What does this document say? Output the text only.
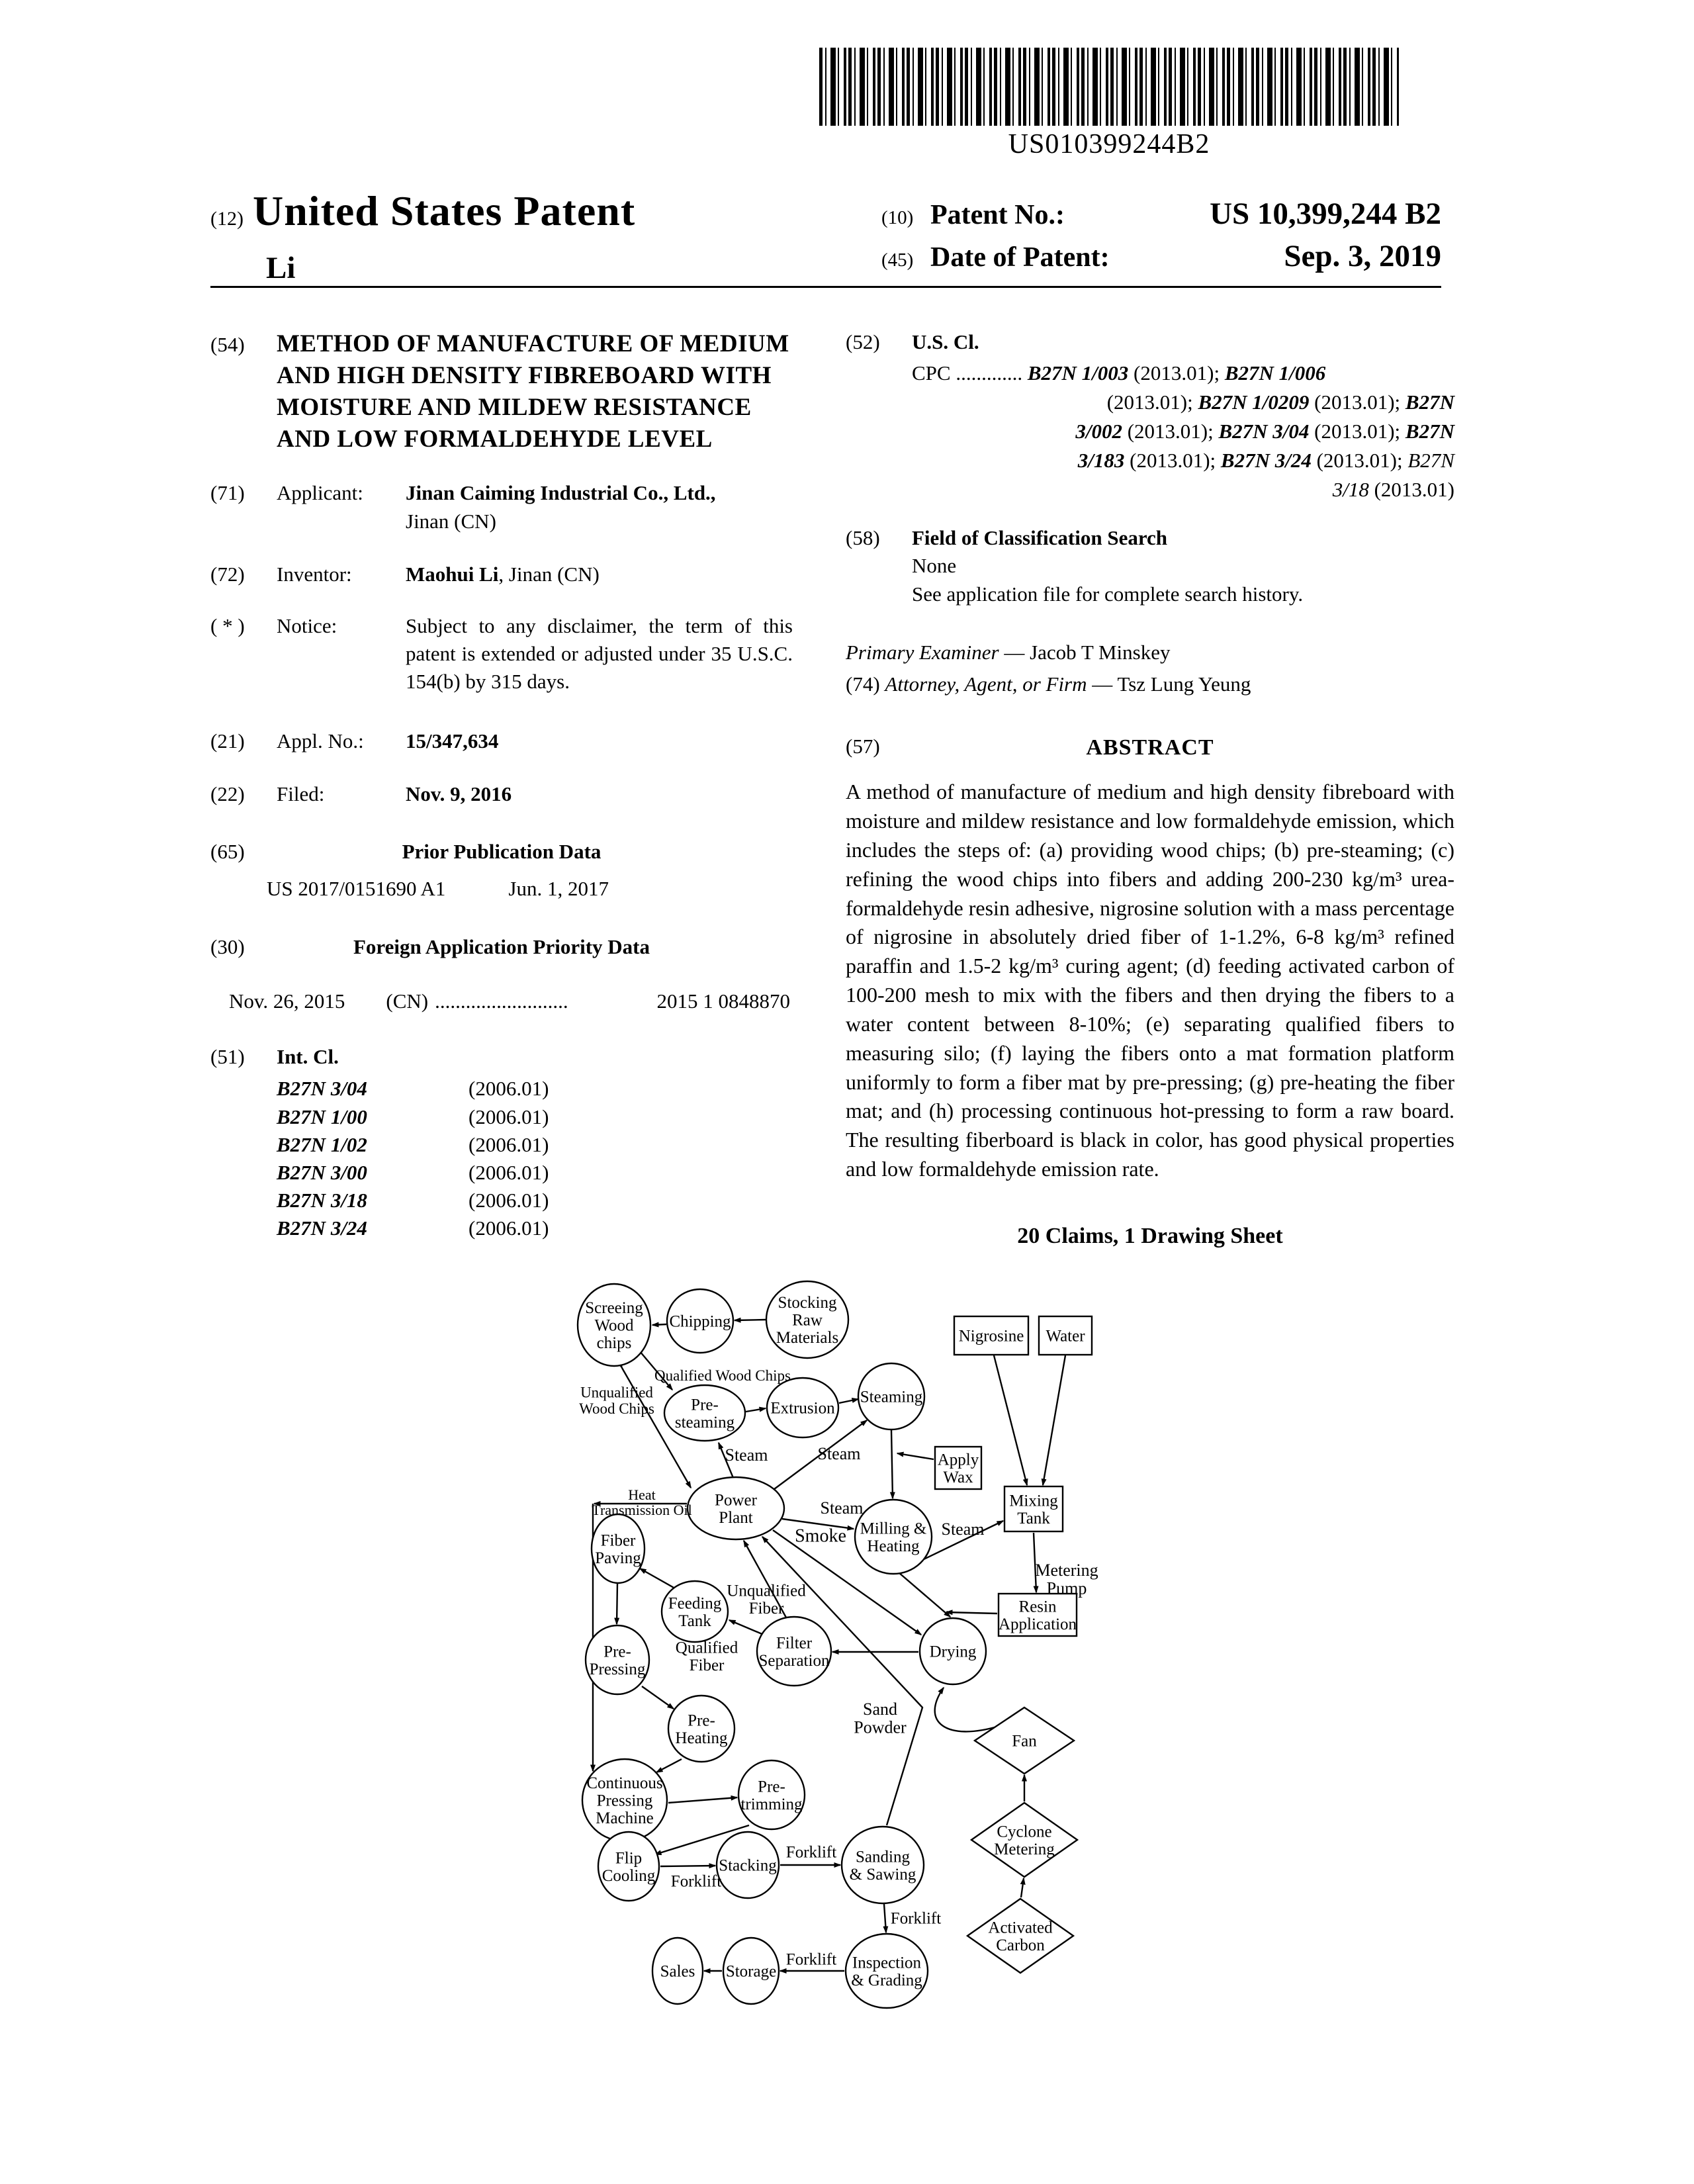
US010399244B2
(12) United States Patent
Li
(10) Patent No.:	US 10,399,244 B2
(45) Date of Patent:	Sep. 3, 2019
(54)	METHOD OF MANUFACTURE OF MEDIUM
AND HIGH DENSITY FIBREBOARD WITH
MOISTURE AND MILDEW RESISTANCE
AND LOW FORMALDEHYDE LEVEL
(71)	Applicant:	Jinan Caiming Industrial Co., Ltd.,
Jinan (CN)
(72)	Inventor:	Maohui Li, Jinan (CN)
( * )	Notice:	Subject to any disclaimer, the term of this patent is extended or adjusted under 35 U.S.C. 154(b) by 315 days.
(21)	Appl. No.:	15/347,634
(22)	Filed:	Nov. 9, 2016
(65)	Prior Publication Data
US 2017/0151690 A1	Jun. 1, 2017
(30)	Foreign Application Priority Data
Nov. 26, 2015 (CN) ..........................	2015 1 0848870
(51)	Int. Cl.
B27N 3/04	(2006.01)
B27N 1/00	(2006.01)
B27N 1/02	(2006.01)
B27N 3/00	(2006.01)
B27N 3/18	(2006.01)
B27N 3/24	(2006.01)
(52)	U.S. Cl.
CPC ............. B27N 1/003 (2013.01); B27N 1/006
(2013.01); B27N 1/0209 (2013.01); B27N
3/002 (2013.01); B27N 3/04 (2013.01); B27N
3/183 (2013.01); B27N 3/24 (2013.01); B27N
3/18 (2013.01)
(58)	Field of Classification Search
None
See application file for complete search history.
Primary Examiner — Jacob T Minskey
(74) Attorney, Agent, or Firm — Tsz Lung Yeung
(57)	ABSTRACT
A method of manufacture of medium and high density fibreboard with moisture and mildew resistance and low formaldehyde emission, which includes the steps of: (a) providing wood chips; (b) pre-steaming; (c) refining the wood chips into fibers and adding 200-230 kg/m³ urea-formaldehyde resin adhesive, nigrosine solution with a mass percentage of nigrosine in absolutely dried fiber of 1-1.2%, 6-8 kg/m³ refined paraffin and 1.5-2 kg/m³ curing agent; (d) feeding activated carbon of 100-200 mesh to mix with the fibers and then drying the fibers to a water content between 8-10%; (e) separating qualified fibers to measuring silo; (f) laying the fibers onto a mat formation platform uniformly to form a fiber mat by pre-pressing; (g) pre-heating the fiber mat; and (h) processing continuous hot-pressing to form a raw board. The resulting fiberboard is black in color, has good physical properties and low formaldehyde emission rate.
20 Claims, 1 Drawing Sheet
Screeing Wood chips
Chipping
Stocking Raw Materials
Pre-steaming
Extrusion
Steaming
Power Plant
Milling & Heating
Fiber Paving
Feeding Tank
Pre-Pressing
Filter Separation	Drying
Pre-Heating
Continuous Pressing Machine
Pre-trimming
Flip Cooling
Stacking	Sanding & Sawing
Sales Storage	Inspection & Grading
Nigrosine Water
Apply Wax
Mixing Tank
Resin Application
Fan
Cyclone Metering
Activated Carbon
Qualified Wood Chips
Unqualified Wood Chips
Steam	Steam
Steam
Steam
Heat Transmission Oil
Smoke
Metering Pump
Unqualified Fiber
Qualified Fiber
Sand Powder
Forklift
Forklift
Forklift
Forklift
